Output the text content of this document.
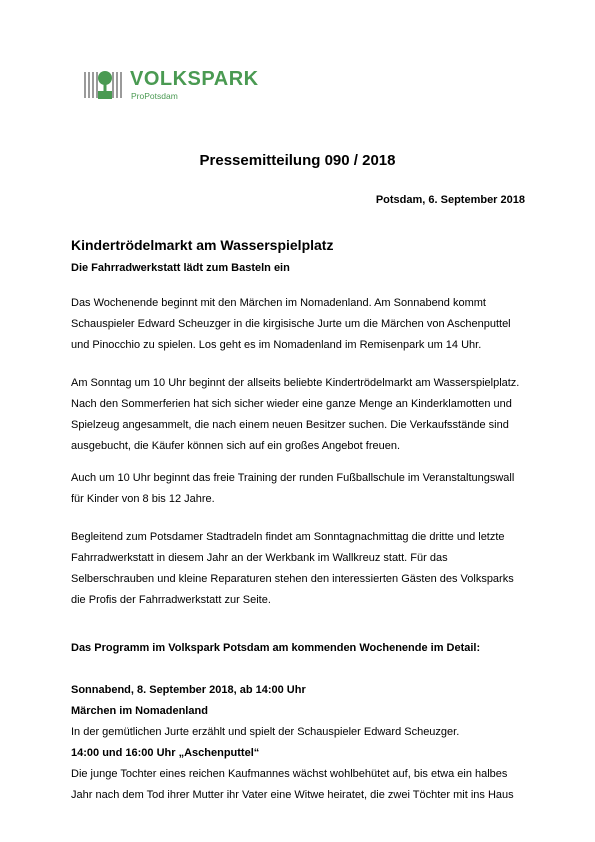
VOLKSPARK
ProPotsdam
Pressemitteilung 090 / 2018
Potsdam, 6. September 2018
Kindertrödelmarkt am Wasserspielplatz
Die Fahrradwerkstatt lädt zum Basteln ein
Das Wochenende beginnt mit den Märchen im Nomadenland. Am Sonnabend kommt
Schauspieler Edward Scheuzger in die kirgisische Jurte um die Märchen von Aschenputtel
und Pinocchio zu spielen. Los geht es im Nomadenland im Remisenpark um 14 Uhr.
Am Sonntag um 10 Uhr beginnt der allseits beliebte Kindertrödelmarkt am Wasserspielplatz.
Nach den Sommerferien hat sich sicher wieder eine ganze Menge an Kinderklamotten und
Spielzeug angesammelt, die nach einem neuen Besitzer suchen. Die Verkaufsstände sind
ausgebucht, die Käufer können sich auf ein großes Angebot freuen.
Auch um 10 Uhr beginnt das freie Training der runden Fußballschule im Veranstaltungswall
für Kinder von 8 bis 12 Jahre.
Begleitend zum Potsdamer Stadtradeln findet am Sonntagnachmittag die dritte und letzte
Fahrradwerkstatt in diesem Jahr an der Werkbank im Wallkreuz statt. Für das
Selberschrauben und kleine Reparaturen stehen den interessierten Gästen des Volksparks
die Profis der Fahrradwerkstatt zur Seite.
Das Programm im Volkspark Potsdam am kommenden Wochenende im Detail:
Sonnabend, 8. September 2018, ab 14:00 Uhr
Märchen im Nomadenland
In der gemütlichen Jurte erzählt und spielt der Schauspieler Edward Scheuzger.
14:00 und 16:00 Uhr „Aschenputtel“
Die junge Tochter eines reichen Kaufmannes wächst wohlbehütet auf, bis etwa ein halbes
Jahr nach dem Tod ihrer Mutter ihr Vater eine Witwe heiratet, die zwei Töchter mit ins Haus
